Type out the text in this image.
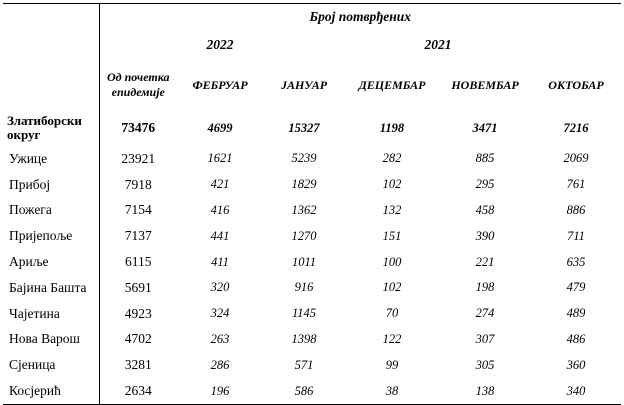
	Број потврђених					
		2022		2021		
	Од почетка епидемије	ФЕБРУАР	ЈАНУАР	ДЕЦЕМБАР	НОВЕМБАР	ОКТОБАР
Златиборски округ	73476	4699	15327	1198	3471	7216
Ужице	23921	1621	5239	282	885	2069
Прибој	7918	421	1829	102	295	761
Пожега	7154	416	1362	132	458	886
Пријепоље	7137	441	1270	151	390	711
Ариље	6115	411	1011	100	221	635
Бајина Башта	5691	320	916	102	198	479
Чајетина	4923	324	1145	70	274	489
Нова Варош	4702	263	1398	122	307	486
Сјеница	3281	286	571	99	305	360
Косјерић	2634	196	586	38	138	340
